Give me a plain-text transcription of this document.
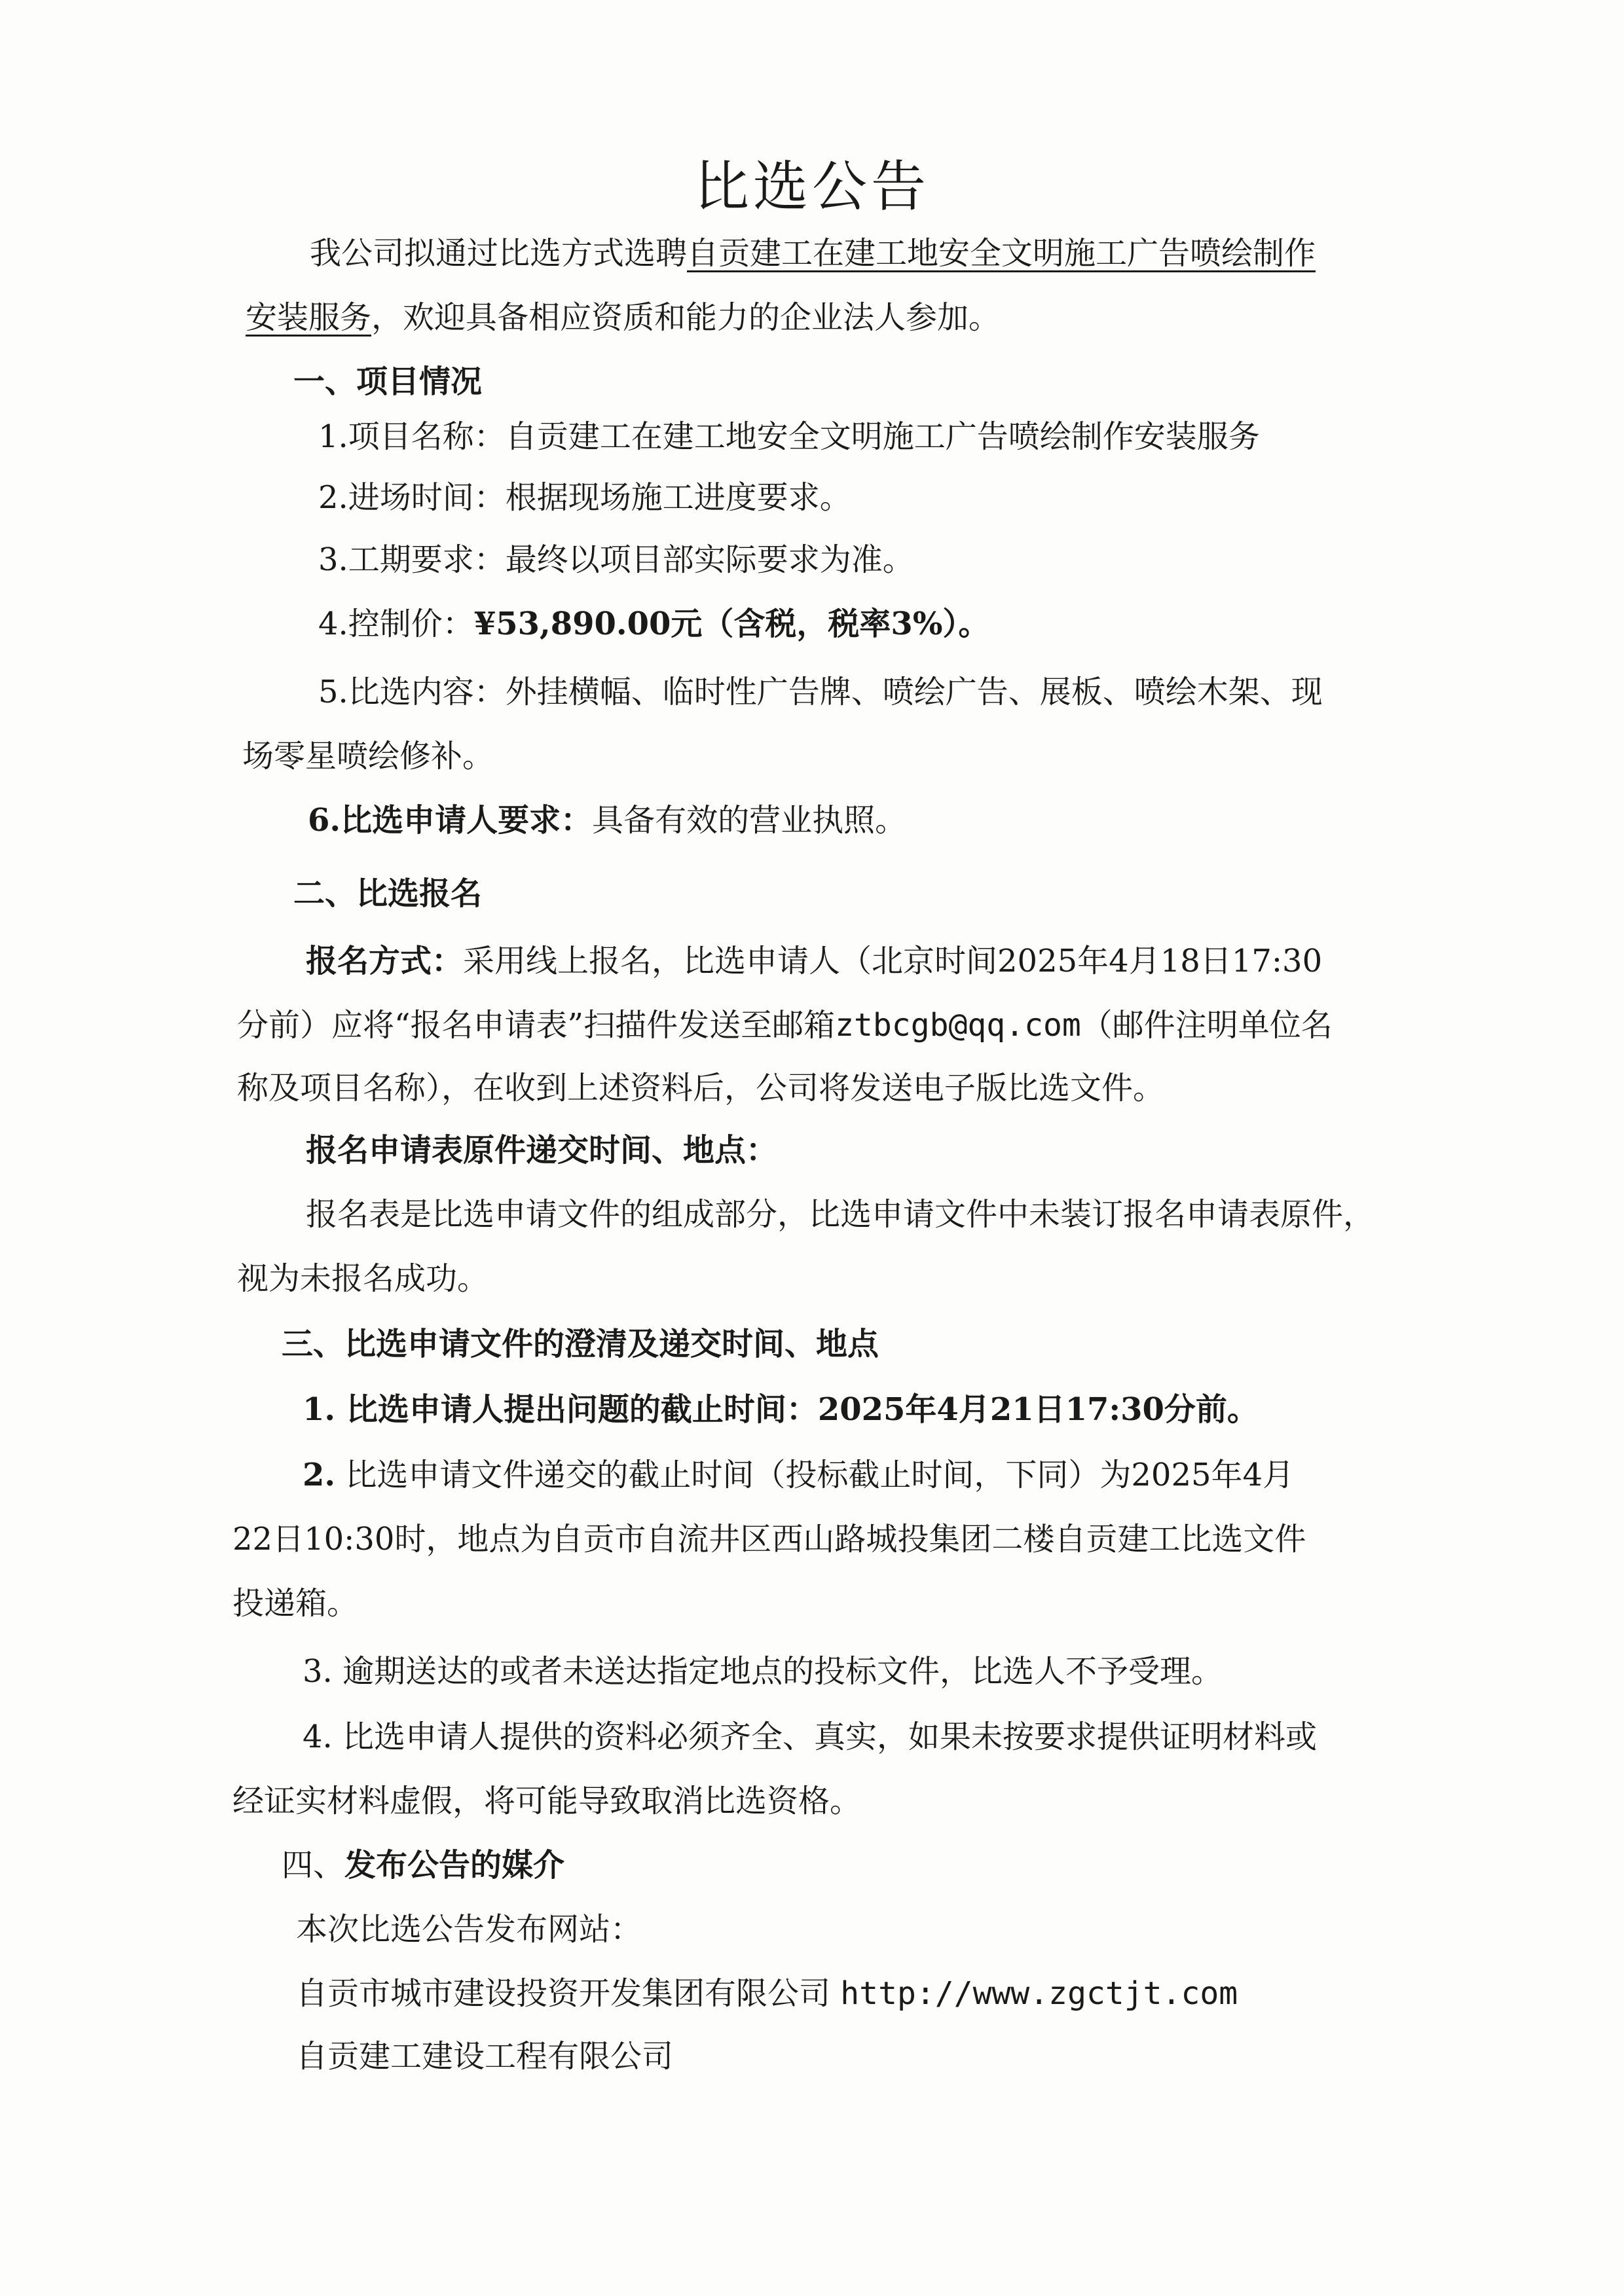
比选公告
我公司拟通过比选方式选聘自贡建工在建工地安全文明施工广告喷绘制作
安装服务，欢迎具备相应资质和能力的企业法人参加。
一、项目情况
1.项目名称：自贡建工在建工地安全文明施工广告喷绘制作安装服务
2.进场时间：根据现场施工进度要求。
3.工期要求：最终以项目部实际要求为准。
4.控制价：¥53,890.00元（含税，税率3%）。
5.比选内容：外挂横幅、临时性广告牌、喷绘广告、展板、喷绘木架、现
场零星喷绘修补。
6.比选申请人要求：具备有效的营业执照。
二、比选报名
报名方式：采用线上报名，比选申请人（北京时间2025年4月18日17:30
分前）应将“报名申请表”扫描件发送至邮箱ztbcgb@qq.com（邮件注明单位名
称及项目名称），在收到上述资料后，公司将发送电子版比选文件。
报名申请表原件递交时间、地点：
报名表是比选申请文件的组成部分，比选申请文件中未装订报名申请表原件，
视为未报名成功。
三、比选申请文件的澄清及递交时间、地点
1. 比选申请人提出问题的截止时间：2025年4月21日17:30分前。
2. 比选申请文件递交的截止时间（投标截止时间，下同）为2025年4月
22日10:30时，地点为自贡市自流井区西山路城投集团二楼自贡建工比选文件
投递箱。
3. 逾期送达的或者未送达指定地点的投标文件，比选人不予受理。
4. 比选申请人提供的资料必须齐全、真实，如果未按要求提供证明材料或
经证实材料虚假，将可能导致取消比选资格。
四、发布公告的媒介
本次比选公告发布网站：
自贡市城市建设投资开发集团有限公司 http://www.zgctjt.com
自贡建工建设工程有限公司
